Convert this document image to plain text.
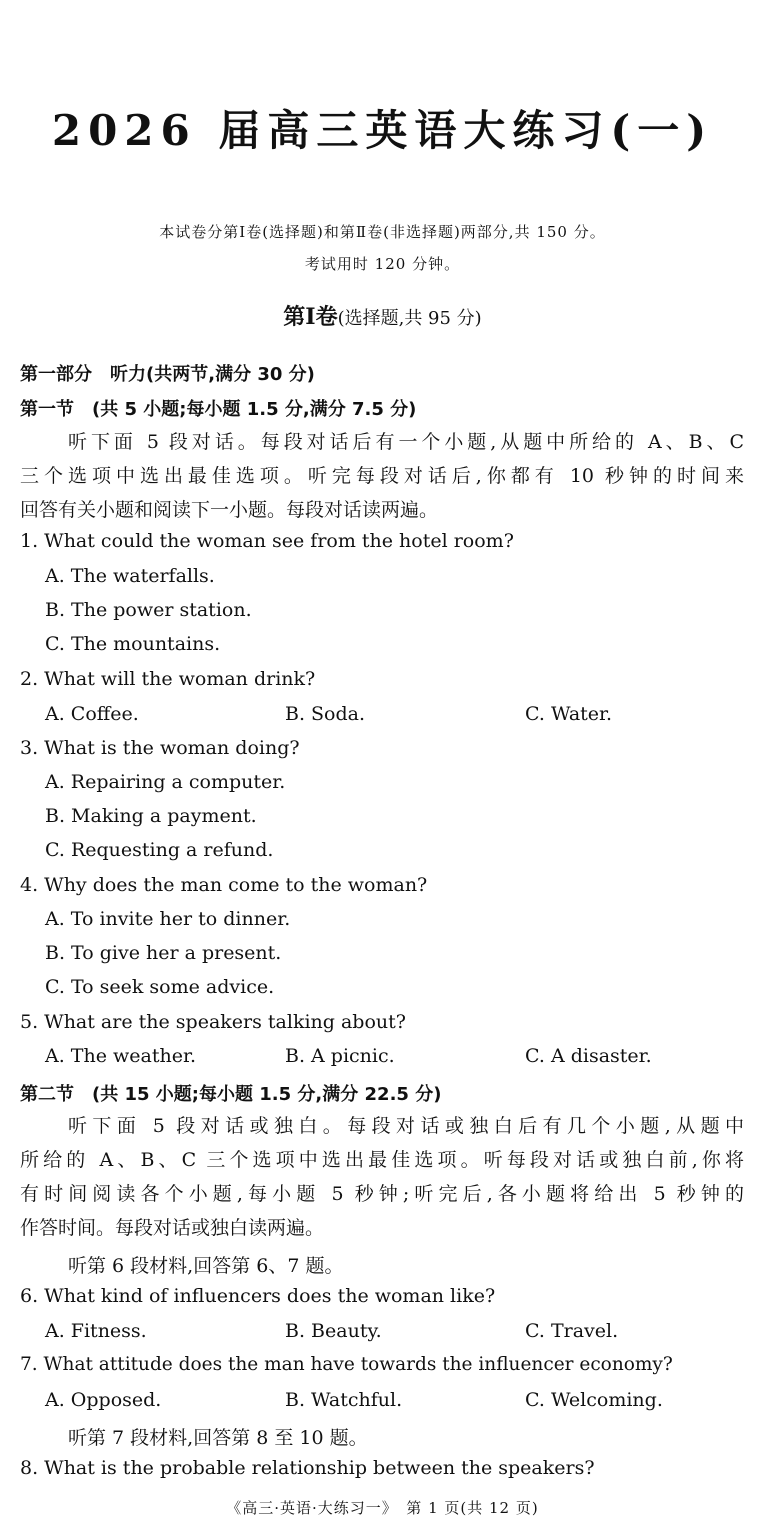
2026 届高三英语大练习(一)
本试卷分第Ⅰ卷(选择题)和第Ⅱ卷(非选择题)两部分,共 150 分。
考试用时 120 分钟。
第Ⅰ卷(选择题,共 95 分)
第一部分　听力(共两节,满分 30 分)
第一节　(共 5 小题;每小题 1.5 分,满分 7.5 分)
听下面 5 段对话。每段对话后有一个小题,从题中所给的 A、B、C
三个选项中选出最佳选项。听完每段对话后,你都有 10 秒钟的时间来
回答有关小题和阅读下一小题。每段对话读两遍。
1. What could the woman see from the hotel room?
A. The waterfalls.
B. The power station.
C. The mountains.
2. What will the woman drink?
A. Coffee.	B. Soda.	C. Water.
3. What is the woman doing?
A. Repairing a computer.
B. Making a payment.
C. Requesting a refund.
4. Why does the man come to the woman?
A. To invite her to dinner.
B. To give her a present.
C. To seek some advice.
5. What are the speakers talking about?
A. The weather.	B. A picnic.	C. A disaster.
第二节　(共 15 小题;每小题 1.5 分,满分 22.5 分)
听下面 5 段对话或独白。每段对话或独白后有几个小题,从题中
所给的 A、B、C 三个选项中选出最佳选项。听每段对话或独白前,你将
有时间阅读各个小题,每小题 5 秒钟;听完后,各小题将给出 5 秒钟的
作答时间。每段对话或独白读两遍。
听第 6 段材料,回答第 6、7 题。
6. What kind of influencers does the woman like?
A. Fitness.	B. Beauty.	C. Travel.
7. What attitude does the man have towards the influencer economy?
A. Opposed.	B. Watchful.	C. Welcoming.
听第 7 段材料,回答第 8 至 10 题。
8. What is the probable relationship between the speakers?
《高三·英语·大练习一》　第 1 页(共 12 页)
